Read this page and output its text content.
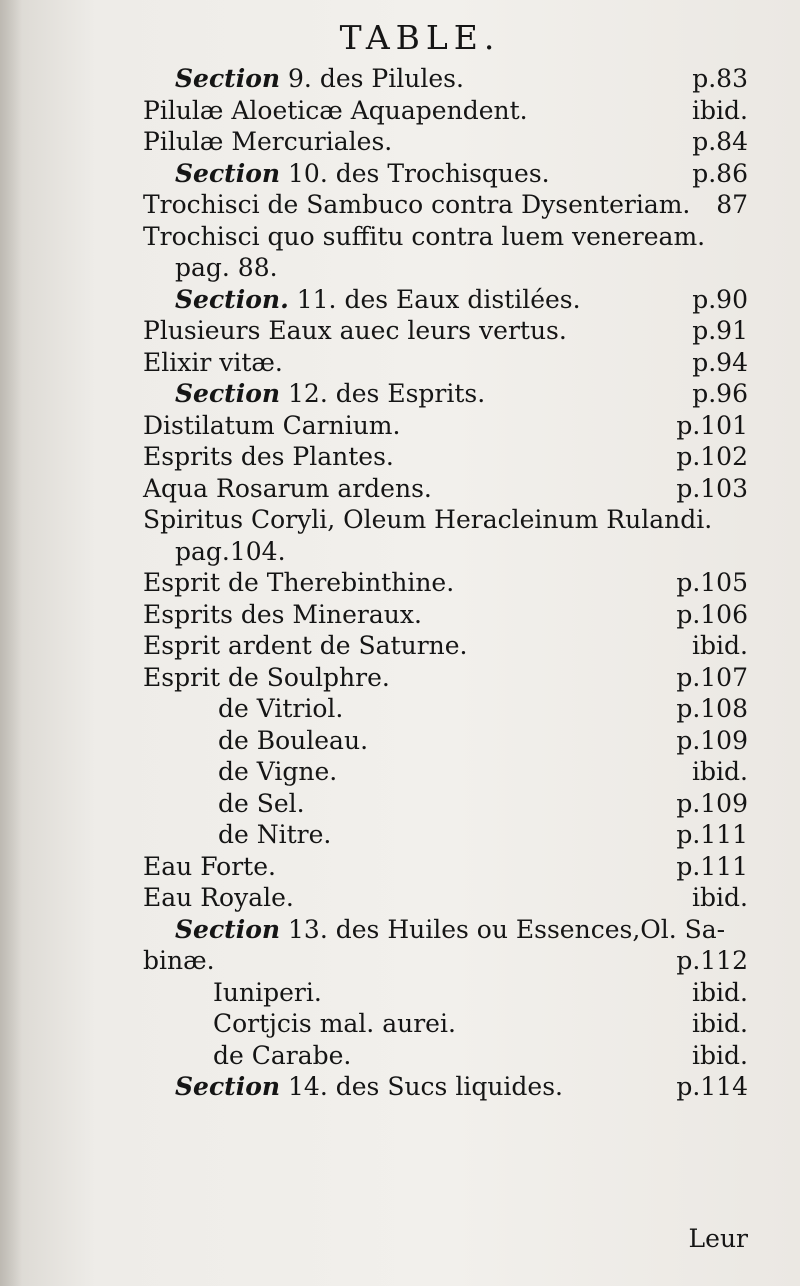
TABLE.
Section 9. des Pilules.	p.83
Pilulæ Aloeticæ Aquapendent.	ibid.
Pilulæ Mercuriales.	p.84
Section 10. des Trochisques.	p.86
Trochisci de Sambuco contra Dysenteriam. 87
Trochisci quo suffitu contra luem veneream.
pag. 88.
Section. 11. des Eaux distilées.	p.90
Plusieurs Eaux auec leurs vertus.	p.91
Elixir vitæ.	p.94
Section 12. des Esprits.	p.96
Distilatum Carnium.	p.101
Esprits des Plantes.	p.102
Aqua Rosarum ardens.	p.103
Spiritus Coryli, Oleum Heracleinum Rulandi.
pag.104.
Esprit de Therebinthine.	p.105
Esprits des Mineraux.	p.106
Esprit ardent de Saturne.	ibid.
Esprit de Soulphre.	p.107
de Vitriol.	p.108
de Bouleau.	p.109
de Vigne.	ibid.
de Sel.	p.109
de Nitre.	p.111
Eau Forte.	p.111
Eau Royale.	ibid.
Section 13. des Huiles ou Essences,Ol. Sa-
binæ.	p.112
Iuniperi.	ibid.
Cortjcis mal. aurei.	ibid.
de Carabe.	ibid.
Section 14. des Sucs liquides.	p.114
Leur
